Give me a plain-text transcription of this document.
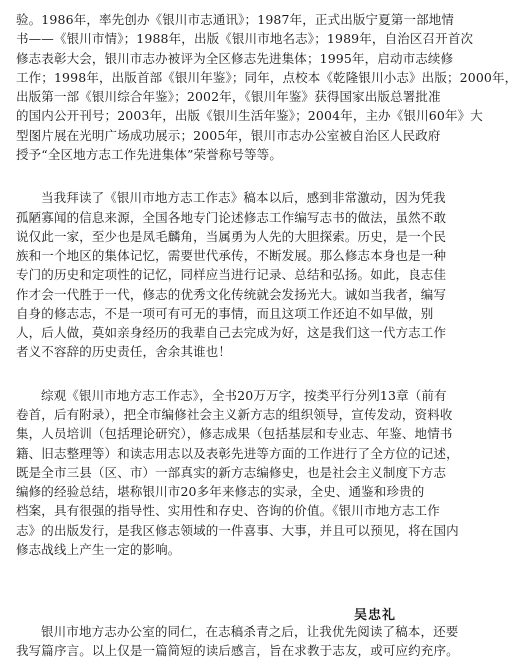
验。1986年，率先创办《银川市志通讯》；1987年，正式出版宁夏第一部地情
书——《银川市情》；1988年，出版《银川市地名志》；1989年，自治区召开首次
修志表彰大会，银川市志办被评为全区修志先进集体；1995年，启动市志续修
工作；1998年，出版首部《银川年鉴》；同年，点校本《乾隆银川小志》出版；2000年，
出版第一部《银川综合年鉴》；2002年，《银川年鉴》获得国家出版总署批准
的国内公开刊号；2003年，出版《银川生活年鉴》；2004年，主办《银川60年》大
型图片展在光明广场成功展示；2005年，银川市志办公室被自治区人民政府
授予“全区地方志工作先进集体”荣誉称号等等。
当我拜读了《银川市地方志工作志》稿本以后，感到非常激动，因为凭我
孤陋寡闻的信息来源，全国各地专门论述修志工作编写志书的做法，虽然不敢
说仅此一家，至少也是凤毛麟角，当属勇为人先的大胆探索。历史，是一个民
族和一个地区的集体记忆，需要世代承传，不断发展。那么修志本身也是一种
专门的历史和定项性的记忆，同样应当进行记录、总结和弘扬。如此，良志佳
作才会一代胜于一代，修志的优秀文化传统就会发扬光大。诚如当我者，编写
自身的修志志，不是一项可有可无的事情，而且这项工作还迫不如早做，别
人，后人做，莫如亲身经历的我辈自己去完成为好，这是我们这一代方志工作
者义不容辞的历史责任，舍余其谁也！
综观《银川市地方志工作志》，全书20万万字，按类平行分列13章（前有
卷首，后有附录），把全市编修社会主义新方志的组织领导，宣传发动，资料收
集，人员培训（包括理论研究），修志成果（包括基层和专业志、年鉴、地情书
籍、旧志整理等）和读志用志以及表彰先进等方面的工作进行了全方位的记述，
既是全市三县（区、市）一部真实的新方志编修史，也是社会主义制度下方志
编修的经验总结，堪称银川市20多年来修志的实录，全史、通鉴和珍贵的
档案，具有很强的指导性、实用性和存史、咨询的价值。《银川市地方志工作
志》的出版发行，是我区修志领域的一件喜事、大事，并且可以预见，将在国内
修志战线上产生一定的影响。
银川市地方志办公室的同仁，在志稿杀青之后，让我优先阅读了稿本，还要
我写篇序言。以上仅是一篇简短的读后感言，旨在求教于志友，或可应约充序。
吴忠礼
